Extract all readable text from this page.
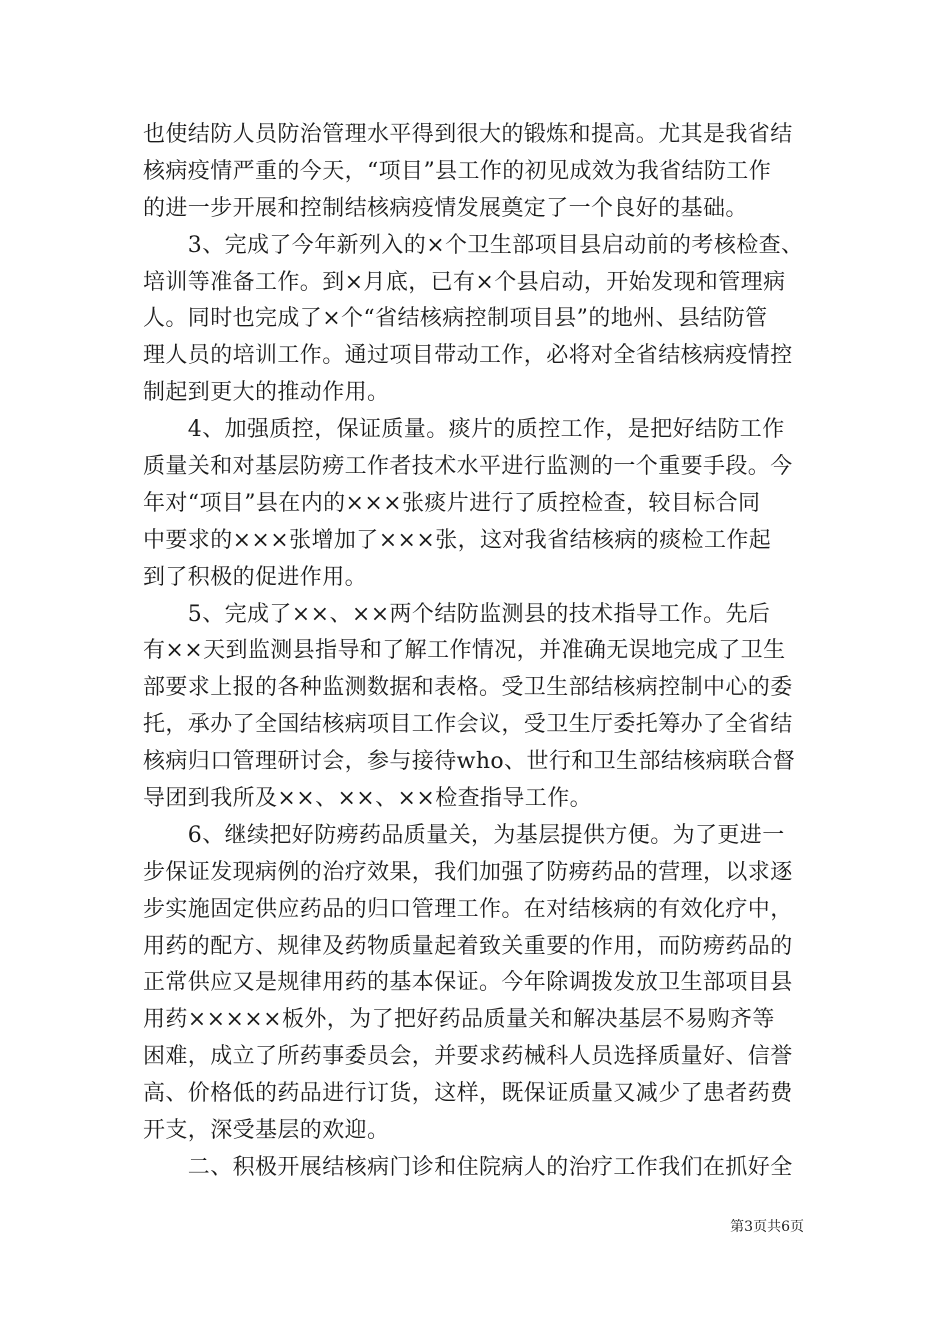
也使结防人员防治管理水平得到很大的锻炼和提高。尤其是我省结
核病疫情严重的今天，“项目”县工作的初见成效为我省结防工作
的进一步开展和控制结核病疫情发展奠定了一个良好的基础。
　　3、完成了今年新列入的×个卫生部项目县启动前的考核检查、
培训等准备工作。到×月底，已有×个县启动，开始发现和管理病
人。同时也完成了×个“省结核病控制项目县”的地州、县结防管
理人员的培训工作。通过项目带动工作，必将对全省结核病疫情控
制起到更大的推动作用。
　　4、加强质控，保证质量。痰片的质控工作，是把好结防工作
质量关和对基层防痨工作者技术水平进行监测的一个重要手段。今
年对“项目”县在内的×××张痰片进行了质控检查，较目标合同
中要求的×××张增加了×××张，这对我省结核病的痰检工作起
到了积极的促进作用。
　　5、完成了××、××两个结防监测县的技术指导工作。先后
有××天到监测县指导和了解工作情况，并准确无误地完成了卫生
部要求上报的各种监测数据和表格。受卫生部结核病控制中心的委
托，承办了全国结核病项目工作会议，受卫生厅委托筹办了全省结
核病归口管理研讨会，参与接待who、世行和卫生部结核病联合督
导团到我所及××、××、××检查指导工作。
　　6、继续把好防痨药品质量关，为基层提供方便。为了更进一
步保证发现病例的治疗效果，我们加强了防痨药品的营理，以求逐
步实施固定供应药品的归口管理工作。在对结核病的有效化疗中，
用药的配方、规律及药物质量起着致关重要的作用，而防痨药品的
正常供应又是规律用药的基本保证。今年除调拨发放卫生部项目县
用药×××××板外，为了把好药品质量关和解决基层不易购齐等
困难，成立了所药事委员会，并要求药械科人员选择质量好、信誉
高、价格低的药品进行订货，这样，既保证质量又减少了患者药费
开支，深受基层的欢迎。
　　二、积极开展结核病门诊和住院病人的治疗工作我们在抓好全
第3页共6页
